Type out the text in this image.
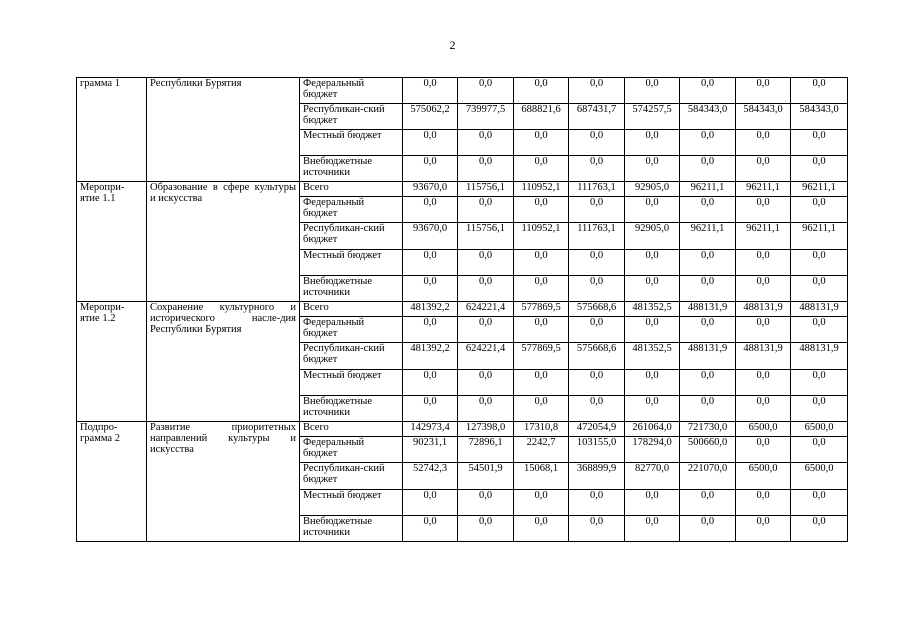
2
грамма 1	Республики Бурятия	Федеральный бюджет	0,0	0,0	0,0	0,0	0,0	0,0	0,0	0,0
		Республикан-ский бюджет	575062,2	739977,5	688821,6	687431,7	574257,5	584343,0	584343,0	584343,0
		Местный бюджет	0,0	0,0	0,0	0,0	0,0	0,0	0,0	0,0
		Внебюджетные источники	0,0	0,0	0,0	0,0	0,0	0,0	0,0	0,0
Меропри-ятие 1.1	Образование в сфере культуры и искусства	Всего	93670,0	115756,1	110952,1	111763,1	92905,0	96211,1	96211,1	96211,1
		Федеральный бюджет	0,0	0,0	0,0	0,0	0,0	0,0	0,0	0,0
		Республикан-ский бюджет	93670,0	115756,1	110952,1	111763,1	92905,0	96211,1	96211,1	96211,1
		Местный бюджет	0,0	0,0	0,0	0,0	0,0	0,0	0,0	0,0
		Внебюджетные источники	0,0	0,0	0,0	0,0	0,0	0,0	0,0	0,0
Меропри-ятие 1.2	Сохранение культурного и исторического насле-дия Республики Бурятия	Всего	481392,2	624221,4	577869,5	575668,6	481352,5	488131,9	488131,9	488131,9
		Федеральный бюджет	0,0	0,0	0,0	0,0	0,0	0,0	0,0	0,0
		Республикан-ский бюджет	481392,2	624221,4	577869,5	575668,6	481352,5	488131,9	488131,9	488131,9
		Местный бюджет	0,0	0,0	0,0	0,0	0,0	0,0	0,0	0,0
		Внебюджетные источники	0,0	0,0	0,0	0,0	0,0	0,0	0,0	0,0
Подпро-грамма 2	Развитие приоритетных направлений культуры и искусства	Всего	142973,4	127398,0	17310,8	472054,9	261064,0	721730,0	6500,0	6500,0
		Федеральный бюджет	90231,1	72896,1	2242,7	103155,0	178294,0	500660,0	0,0	0,0
		Республикан-ский бюджет	52742,3	54501,9	15068,1	368899,9	82770,0	221070,0	6500,0	6500,0
		Местный бюджет	0,0	0,0	0,0	0,0	0,0	0,0	0,0	0,0
		Внебюджетные источники	0,0	0,0	0,0	0,0	0,0	0,0	0,0	0,0
